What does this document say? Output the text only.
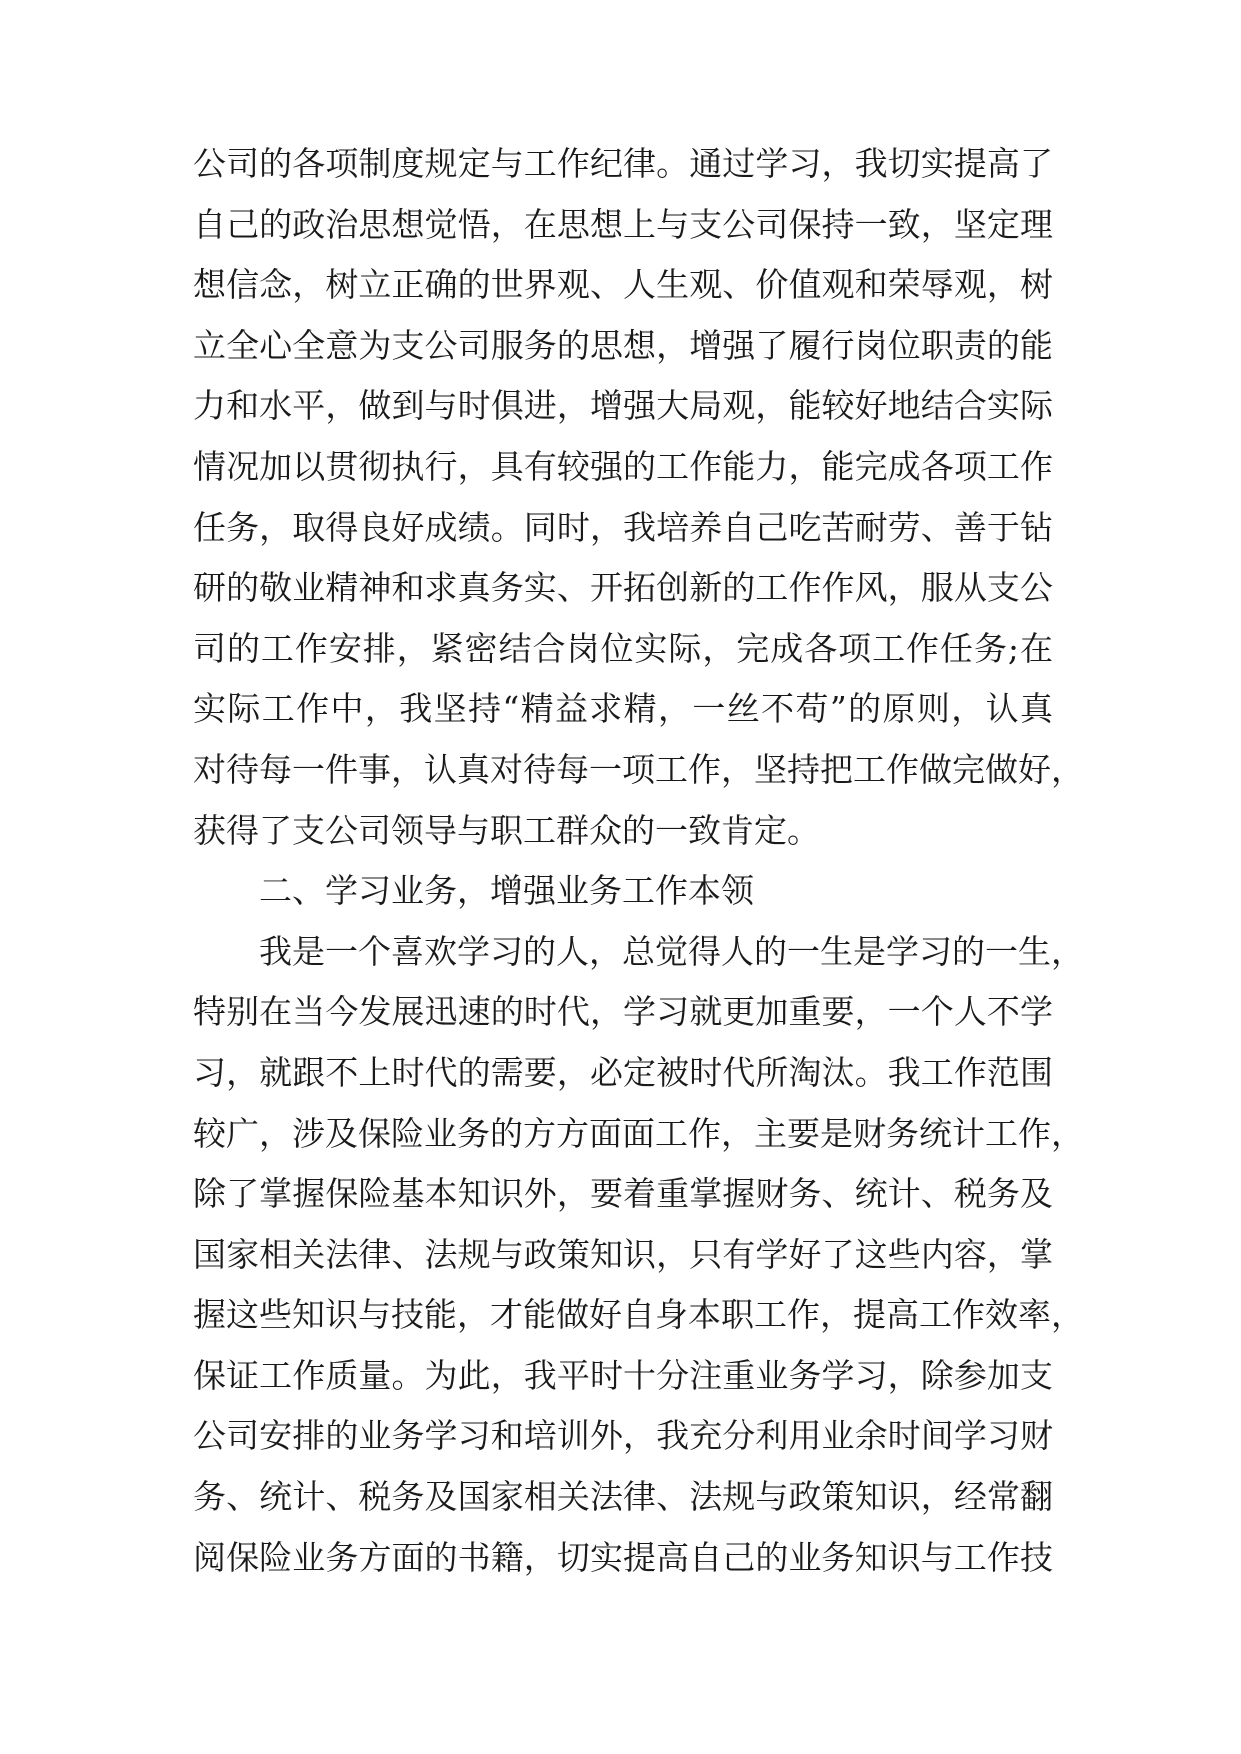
公司的各项制度规定与工作纪律。通过学习，我切实提高了
自己的政治思想觉悟，在思想上与支公司保持一致，坚定理
想信念，树立正确的世界观、人生观、价值观和荣辱观，树
立全心全意为支公司服务的思想，增强了履行岗位职责的能
力和水平，做到与时俱进，增强大局观，能较好地结合实际
情况加以贯彻执行，具有较强的工作能力，能完成各项工作
任务，取得良好成绩。同时，我培养自己吃苦耐劳、善于钻
研的敬业精神和求真务实、开拓创新的工作作风，服从支公
司的工作安排，紧密结合岗位实际，完成各项工作任务;在
实际工作中，我坚持“精益求精，一丝不苟”的原则，认真
对待每一件事，认真对待每一项工作，坚持把工作做完做好，
获得了支公司领导与职工群众的一致肯定。
二、学习业务，增强业务工作本领
我是一个喜欢学习的人，总觉得人的一生是学习的一生，
特别在当今发展迅速的时代，学习就更加重要，一个人不学
习，就跟不上时代的需要，必定被时代所淘汰。我工作范围
较广，涉及保险业务的方方面面工作，主要是财务统计工作，
除了掌握保险基本知识外，要着重掌握财务、统计、税务及
国家相关法律、法规与政策知识，只有学好了这些内容，掌
握这些知识与技能，才能做好自身本职工作，提高工作效率，
保证工作质量。为此，我平时十分注重业务学习，除参加支
公司安排的业务学习和培训外，我充分利用业余时间学习财
务、统计、税务及国家相关法律、法规与政策知识，经常翻
阅保险业务方面的书籍，切实提高自己的业务知识与工作技
